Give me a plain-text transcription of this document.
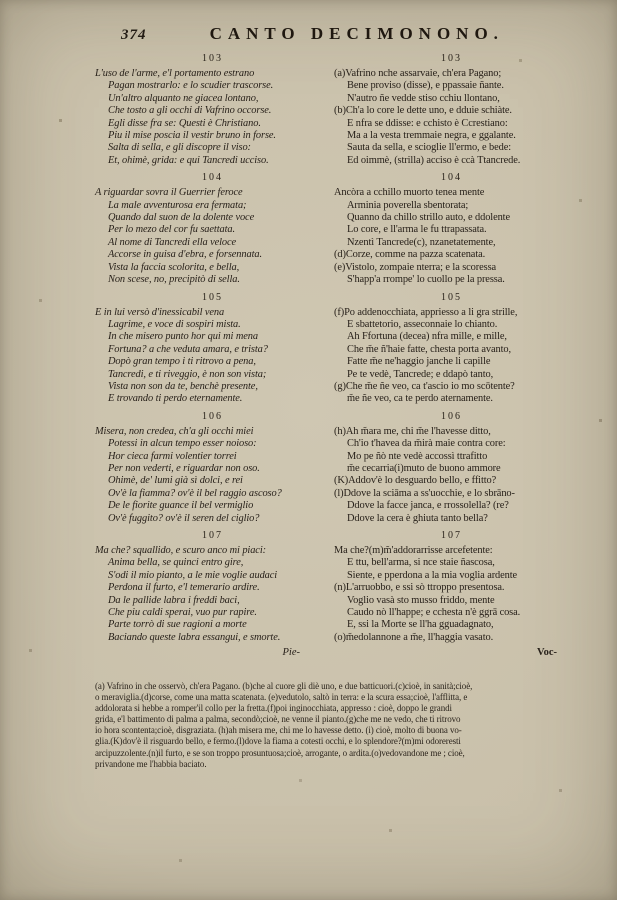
374	CANTO DECIMONONO.
103
L'uso de l'arme, e'l portamento estrano
Pagan mostrarlo: e lo scudier trascorse.
Un'altro alquanto ne giacea lontano,
Che tosto a gli occhi di Vafrino occorse.
Egli disse fra se: Questi è Christiano.
Piu il mise poscia il vestir bruno in forse.
Salta di sella, e gli discopre il viso:
Et, ohimè, grida: e qui Tancredi ucciso.
104
A riguardar sovra il Guerrier feroce
La male avventurosa era fermata;
Quando dal suon de la dolente voce
Per lo mezo del cor fu saettata.
Al nome di Tancredi ella veloce
Accorse in guisa d'ebra, e forsennata.
Vista la faccia scolorita, e bella,
Non scese, no, precipitò di sella.
105
E in lui versò d'inessicabil vena
Lagrime, e voce di sospiri mista.
In che misero punto hor qui mi mena
Fortuna? a che veduta amara, e trista?
Dopò gran tempo i ti ritrovo a pena,
Tancredi, e ti riveggio, è non son vista;
Vista non son da te, benchè presente,
E trovando ti perdo eternamente.
106
Misera, non credea, ch'a gli occhi miei
Potessi in alcun tempo esser noioso:
Hor cieca farmi volentier torrei
Per non vederti, e riguardar non oso.
Ohimè, de' lumi già sì dolci, e rei
Ov'è la fiamma? ov'è il bel raggio ascoso?
De le fiorite guance il bel vermiglio
Ov'è fuggito? ov'è il seren del ciglio?
107
Ma che? squallido, e scuro anco mi piaci:
Anima bella, se quinci entro gire,
S'odi il mio pianto, a le mie voglie audaci
Perdona il furto, e'l temerario ardire.
Da le pallide labra i freddi baci,
Che piu caldi sperai, vuo pur rapire.
Parte torrò di sue ragioni a morte
Baciando queste labra essangui, e smorte.
Pie-
103
(a)Vafrino nche assarvaie, ch'era Pagano;
Bene proviso (disse), e ppassaie ñante.
N'autro ñe vedde stiso cchiu llontano,
(b)Ch'a lo core le dette uno, e dduie schiàte.
E nfra se ddisse: e cchisto è Ccrestiano:
Ma a la vesta tremmaie negra, e ggalante.
Sauta da sella, e scioglie ll'ermo, e bede:
Ed oimmè, (strilla) acciso è ccà Ttancrede.
104
Ancòra a cchillo muorto tenea mente
Arminia poverella sbentorata;
Quanno da chillo strillo auto, e ddolente
Lo core, e ll'arma le fu ttrapassata.
Nzentì Tancrede(c), nzanetatemente,
(d)Corze, comme na pazza scatenata.
(e)Vistolo, zompaie nterra; e la scoressa
S'happ'a rrompe' lo cuollo pe la pressa.
105
(f)Po addenocchiata, appriesso a li gra strille,
E sbattetorio, asseconnaie lo chianto.
Ah Ffortuna (decea) nfra mille, e mille,
Che m̃e ñ'haie fatte, chesta porta avanto,
Fatte m̃e ne'haggio janche li capille
Pe te vedè, Tancrede; e ddapò tanto,
(g)Che m̃e ñe veo, ca t'ascio io mo scōtente?
m̃e ñe veo, ca te perdo aternamente.
106
(h)Ah m̃ara me, chi m̃e l'havesse ditto,
Ch'io t'havea da m̃irà maie contra core:
Mo pe ñò nte vedè accossì ttrafitto
m̃e cecarria(i)muto de buono ammore
(K)Addov'è lo desguardo bello, e ffitto?
(l)Ddove la sciāma a ss'uocchie, e lo sbrāno-
Ddove la facce janca, e rrossolella? (re?
Ddove la cera è ghiuta tanto bella?
107
Ma che?(m)m̃'addorarrisse arcefetente:
E ttu, bell'arma, si nce staie ñascosa,
Siente, e pperdona a la mia voglia ardente
(n)L'arruobbo, e ssi sò ttroppo presentosa.
Voglio vasà sto musso friddo, mente
Caudo nò ll'happe; e cchesta n'è ggrā cosa.
E, ssi la Morte se ll'ha gguadagnato,
(o)m̃edolannone a m̃e, ll'haggia vasato.
Voc-
(a) Vafrino in che osservò, ch'era Pagano. (b)che al cuore gli diè uno, e due batticuori.(c)cioè, in sanità;cioè,
o meraviglia.(d)corse, come una matta scatenata. (e)vedutolo, saltò in terra: e la scura essa;cioè, l'afflitta, e
addolorata si hebbe a romper'il collo per la fretta.(f)poi inginocchiata, appresso : cioè, doppo le grandi
grida, e'l battimento di palma a palma, secondò;cioè, ne venne il pianto.(g)che me ne vedo, che ti ritrovo
io hora scontenta;cioè, disgraziata. (h)ah misera me, chi me lo havesse detto. (i) cioè, molto di buona vo-
glia.(K)dov'è il risguardo bello, e fermo.(l)dove la fiama a cotesti occhi, e lo splendore?(m)mi odoreresti
arcipuzzolente.(n)il furto, e se son troppo prosuntuosa;cioè, arrogante, o ardita.(o)vedovandone me ; cioè,
privandone me l'habbia baciato.
